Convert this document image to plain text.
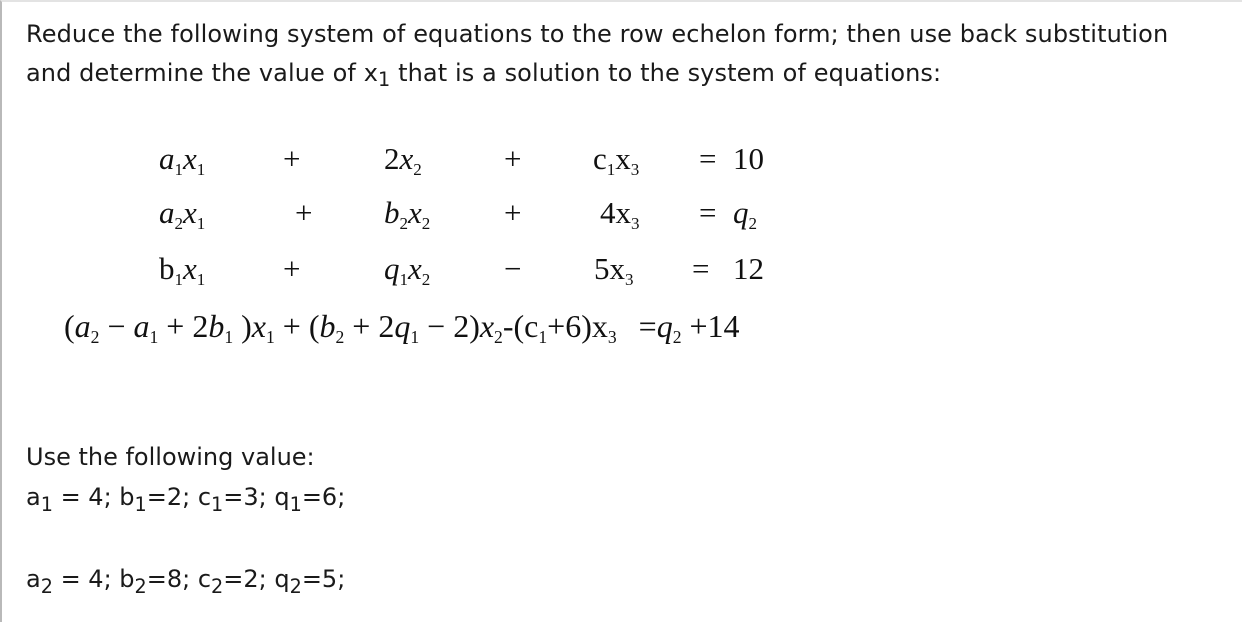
Reduce the following system of equations to the row echelon form; then use back substitution

and determine the value of $x_1$ that is a solution to the system of equations:

$a_1x_1$	+	$2x_2$	+ $c_1x_3 = 10$
$a_2x_1$	+ $b_2x_2$ +	$4x_3 = q_2$
$b_1x_1$	+	$q_1x_2 - 5x_3 = 12$
($a_2 - a_1 + 2b_1$ )$x_1 + (b_2 + 2q_1 - 2)x_2-(c_1+6)x_3 =q_2 +14$
Use the following value:
$a_1 = 4$; $b_1=2$; $c_1=3$; $q_1=6$;
$a_2 = 4$; $b_2=8$; $c_2=2$; $q_2=5$;
